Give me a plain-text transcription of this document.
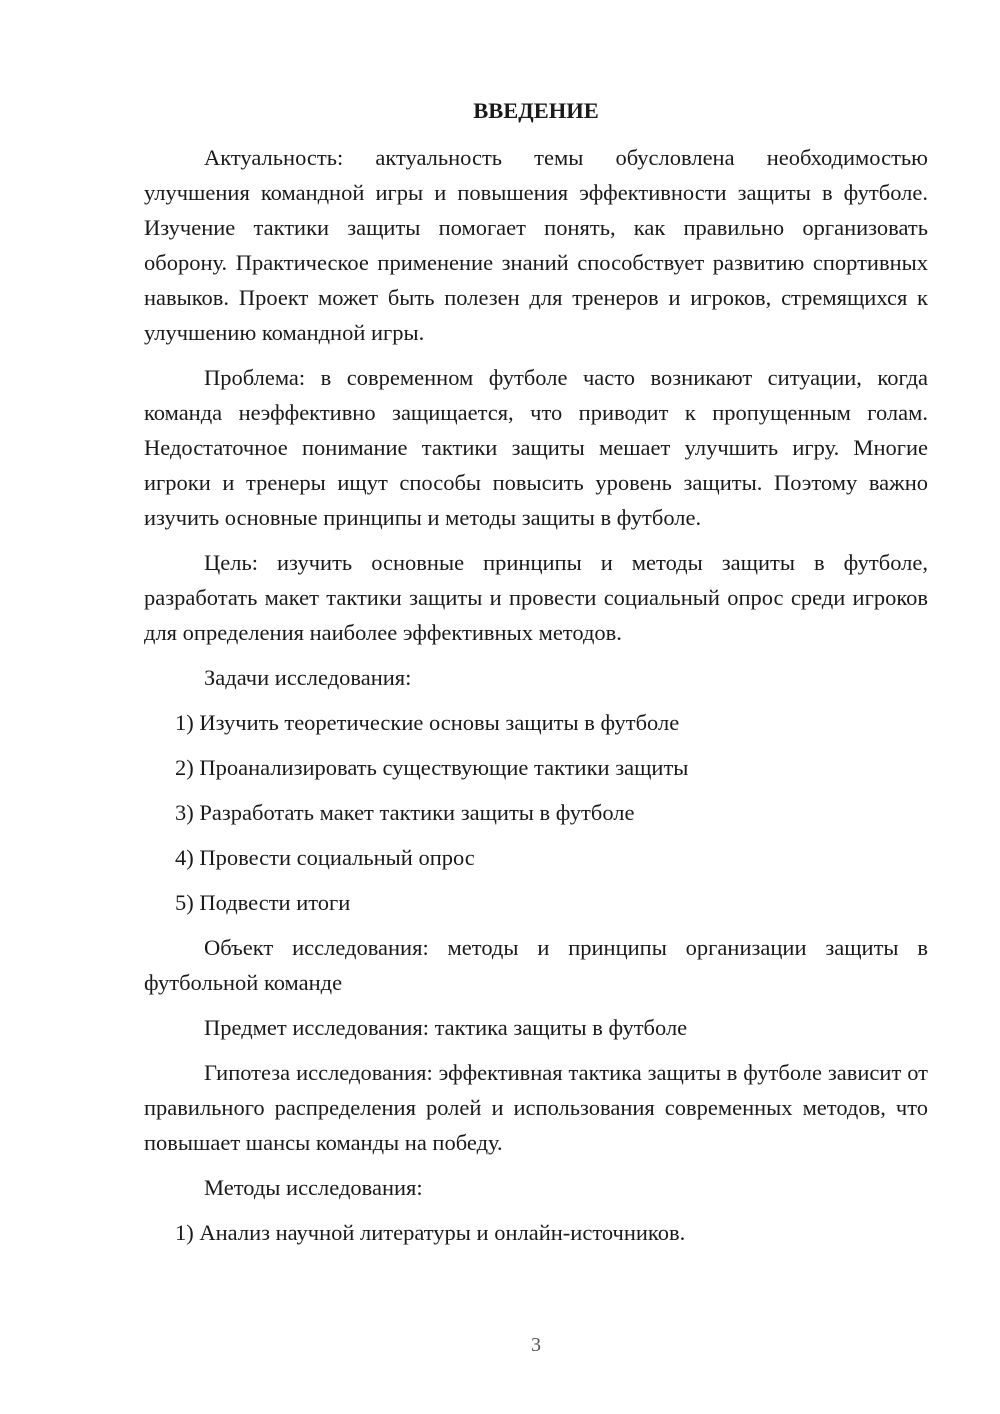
ВВЕДЕНИЕ

Актуальность: актуальность темы обусловлена необходимостью улучшения командной игры и повышения эффективности защиты в футболе. Изучение тактики защиты помогает понять, как правильно организовать оборону. Практическое применение знаний способствует развитию спортивных навыков. Проект может быть полезен для тренеров и игроков, стремящихся к улучшению командной игры.

Проблема: в современном футболе часто возникают ситуации, когда команда неэффективно защищается, что приводит к пропущенным голам. Недостаточное понимание тактики защиты мешает улучшить игру. Многие игроки и тренеры ищут способы повысить уровень защиты. Поэтому важно изучить основные принципы и методы защиты в футболе.

Цель: изучить основные принципы и методы защиты в футболе, разработать макет тактики защиты и провести социальный опрос среди игроков для определения наиболее эффективных методов.

Задачи исследования:

1) Изучить теоретические основы защиты в футболе

2) Проанализировать существующие тактики защиты

3) Разработать макет тактики защиты в футболе

4) Провести социальный опрос

5) Подвести итоги

Объект исследования: методы и принципы организации защиты в футбольной команде

Предмет исследования: тактика защиты в футболе

Гипотеза исследования: эффективная тактика защиты в футболе зависит от правильного распределения ролей и использования современных методов, что повышает шансы команды на победу.

Методы исследования:

1) Анализ научной литературы и онлайн-источников.

3
